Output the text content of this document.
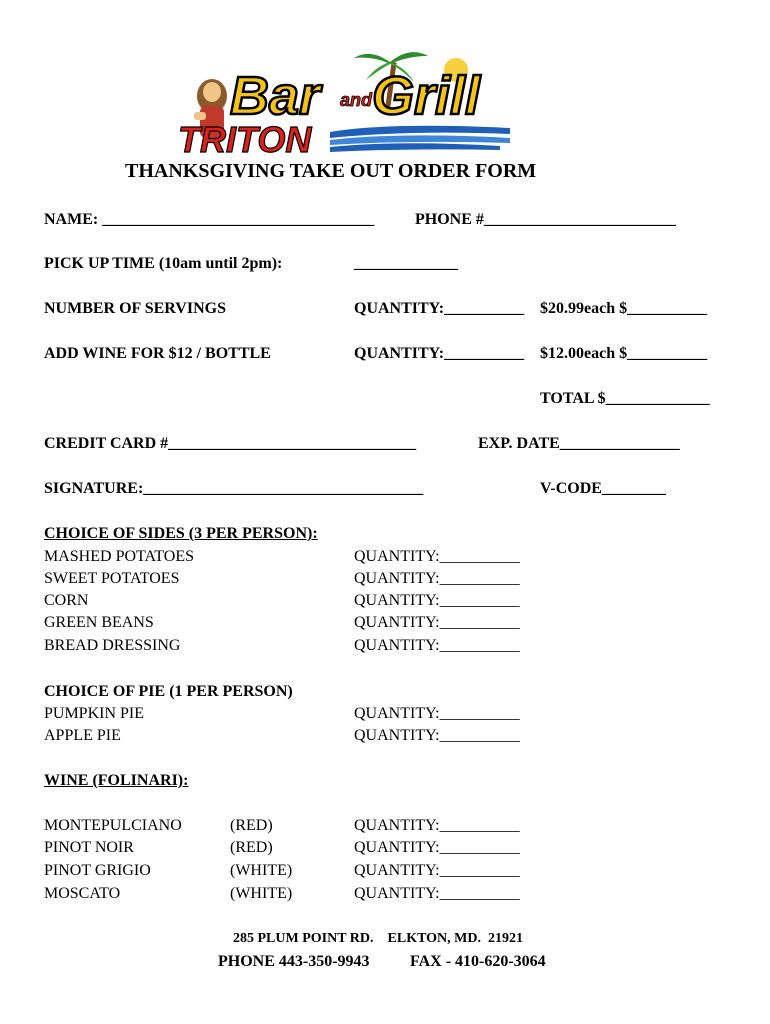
Bar and Grill
TRITON
THANKSGIVING TAKE OUT ORDER FORM
NAME: __________________________________	PHONE #________________________
PICK UP TIME (10am until 2pm):	_____________
NUMBER OF SERVINGS	QUANTITY:__________ $20.99each $__________
ADD WINE FOR $12 / BOTTLE	QUANTITY:__________ $12.00each $__________
TOTAL $_____________
CREDIT CARD #_______________________________	EXP. DATE_______________
SIGNATURE:___________________________________	V-CODE________
CHOICE OF SIDES (3 PER PERSON):
MASHED POTATOES	QUANTITY:__________
SWEET POTATOES	QUANTITY:__________
CORN	QUANTITY:__________
GREEN BEANS	QUANTITY:__________
BREAD DRESSING	QUANTITY:__________
CHOICE OF PIE (1 PER PERSON)
PUMPKIN PIE	QUANTITY:__________
APPLE PIE	QUANTITY:__________
WINE (FOLINARI):
MONTEPULCIANO	(RED)	QUANTITY:__________
PINOT NOIR	(RED)	QUANTITY:__________
PINOT GRIGIO	(WHITE)	QUANTITY:__________
MOSCATO	(WHITE)	QUANTITY:__________
285 PLUM POINT RD.    ELKTON, MD.  21921
PHONE 443-350-9943	FAX - 410-620-3064
